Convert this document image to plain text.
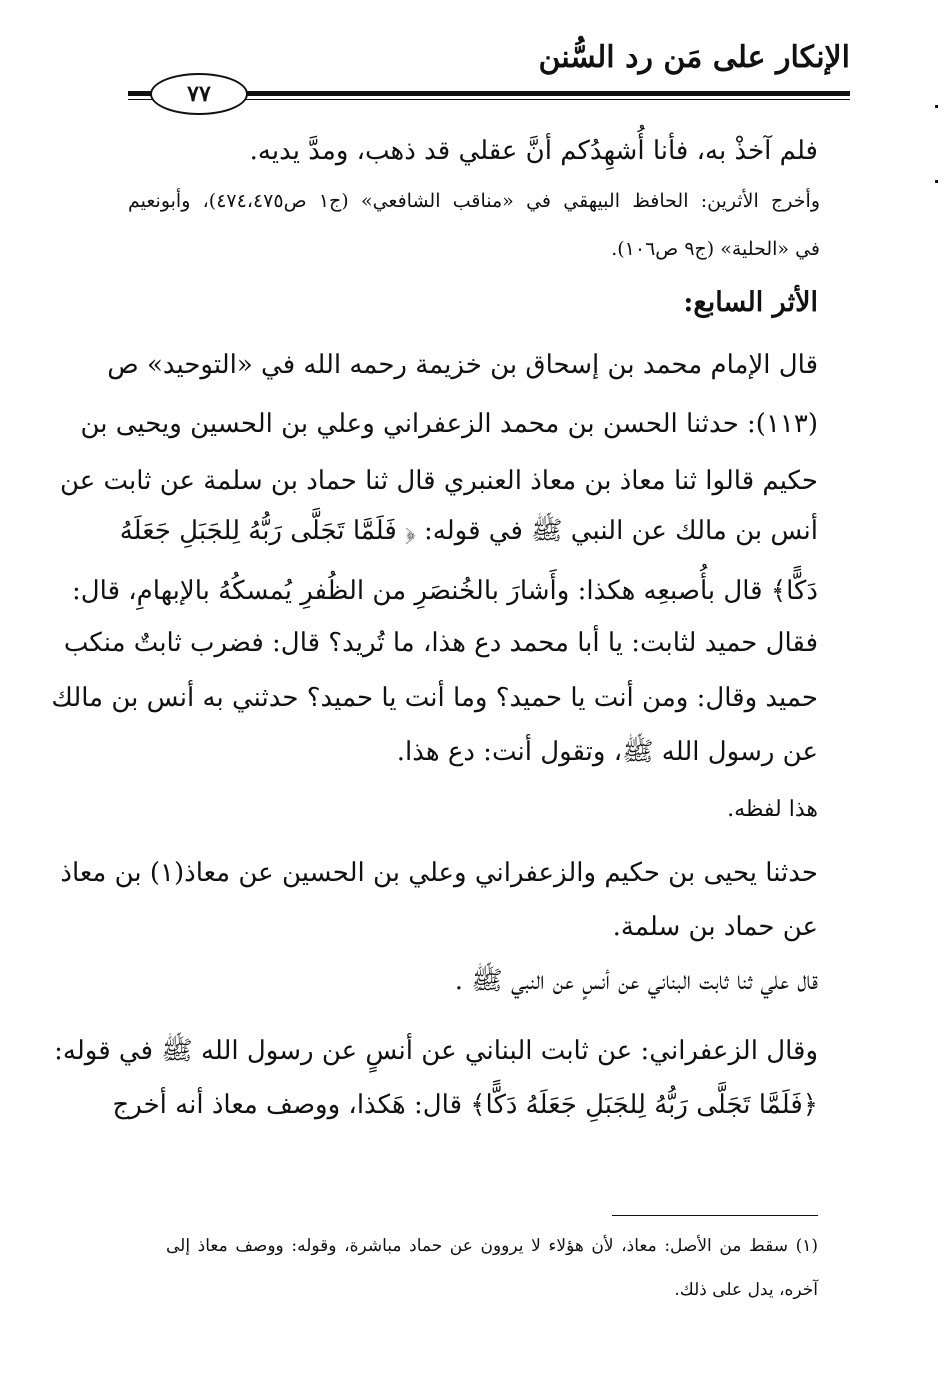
الإنكار على مَن رد السُّنن
٧٧
فلم آخذْ به، فأنا أُشهِدُكم أنَّ عقلي قد ذهب، ومدَّ يديه.
وأخرج الأثرين: الحافظ البيهقي في «مناقب الشافعي» (ج١ ص٤٧٤،٤٧٥)، وأبونعيم
في «الحلية» (ج٩ ص١٠٦).
الأثر السابع:
قال الإمام محمد بن إسحاق بن خزيمة رحمه الله في «التوحيد» ص
(١١٣): حدثنا الحسن بن محمد الزعفراني وعلي بن الحسين ويحيى بن
حكيم قالوا ثنا معاذ بن معاذ العنبري قال ثنا حماد بن سلمة عن ثابت عن
أنس بن مالك عن النبي ﷺ في قوله: ﴿ فَلَمَّا تَجَلَّى رَبُّهُ لِلجَبَلِ جَعَلَهُ
دَكًّا﴾ قال بأُصبعِه هكذا: وأَشارَ بالخُنصَرِ من الظُفرِ يُمسكُهُ بالإبهامِ، قال:
فقال حميد لثابت: يا أبا محمد دع هذا، ما تُريد؟ قال: فضرب ثابتٌ منكب
حميد وقال: ومن أنت يا حميد؟ وما أنت يا حميد؟ حدثني به أنس بن مالك
عن رسول الله ﷺ، وتقول أنت: دع هذا.
هذا لفظه.
حدثنا يحيى بن حكيم والزعفراني وعلي بن الحسين عن معاذ(١) بن معاذ
عن حماد بن سلمة.
قال علي ثنا ثابت البناني عن أنسٍ عن النبي ﷺ .
وقال الزعفراني: عن ثابت البناني عن أنسٍ عن رسول الله ﷺ في قوله:
﴿فَلَمَّا تَجَلَّى رَبُّهُ لِلجَبَلِ جَعَلَهُ دَكًّا﴾ قال: هَكذا، ووصف معاذ أنه أخرج
(١) سقط من الأصل: معاذ، لأن هؤلاء لا يروون عن حماد مباشرة، وقوله: ووصف معاذ إلى
آخره، يدل على ذلك.
